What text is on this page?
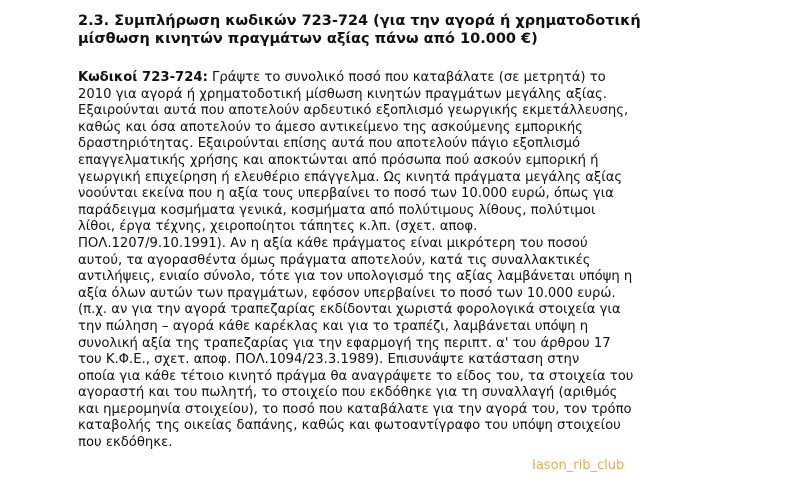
2.3. Συμπλήρωση κωδικών 723-724 (για την αγορά ή χρηματοδοτική
μίσθωση κινητών πραγμάτων αξίας πάνω από 10.000 €)
Κωδικοί 723-724: Γράψτε το συνολικό ποσό που καταβάλατε (σε μετρητά) το
2010 για αγορά ή χρηματοδοτική μίσθωση κινητών πραγμάτων μεγάλης αξίας.
Εξαιρούνται αυτά που αποτελούν αρδευτικό εξοπλισμό γεωργικής εκμετάλλευσης,
καθώς και όσα αποτελούν το άμεσο αντικείμενο της ασκούμενης εμπορικής
δραστηριότητας. Εξαιρούνται επίσης αυτά που αποτελούν πάγιο εξοπλισμό
επαγγελματικής χρήσης και αποκτώνται από πρόσωπα πού ασκούν εμπορική ή
γεωργική επιχείρηση ή ελευθέριο επάγγελμα. Ως κινητά πράγματα μεγάλης αξίας
νοούνται εκείνα που η αξία τους υπερβαίνει το ποσό των 10.000 ευρώ, όπως για
παράδειγμα κοσμήματα γενικά, κοσμήματα από πολύτιμους λίθους, πολύτιμοι
λίθοι, έργα τέχνης, χειροποίητοι τάπητες κ.λπ. (σχετ. αποφ.
ΠΟΛ.1207/9.10.1991). Αν η αξία κάθε πράγματος είναι μικρότερη του ποσού
αυτού, τα αγορασθέντα όμως πράγματα αποτελούν, κατά τις συναλλακτικές
αντιλήψεις, ενιαίο σύνολο, τότε για τον υπολογισμό της αξίας λαμβάνεται υπόψη η
αξία όλων αυτών των πραγμάτων, εφόσον υπερβαίνει το ποσό των 10.000 ευρώ.
(π.χ. αν για την αγορά τραπεζαρίας εκδίδονται χωριστά φορολογικά στοιχεία για
την πώληση – αγορά κάθε καρέκλας και για το τραπέζι, λαμβάνεται υπόψη η
συνολική αξία της τραπεζαρίας για την εφαρμογή της περιπτ. α' του άρθρου 17
του Κ.Φ.Ε., σχετ. αποφ. ΠΟΛ.1094/23.3.1989). Επισυνάψτε κατάσταση στην
οποία για κάθε τέτοιο κινητό πράγμα θα αναγράψετε το είδος του, τα στοιχεία του
αγοραστή και του πωλητή, το στοιχείο που εκδόθηκε για τη συναλλαγή (αριθμός
και ημερομηνία στοιχείου), το ποσό που καταβάλατε για την αγορά του, τον τρόπο
καταβολής της οικείας δαπάνης, καθώς και φωτοαντίγραφο του υπόψη στοιχείου
που εκδόθηκε.
Iason_rib_club
